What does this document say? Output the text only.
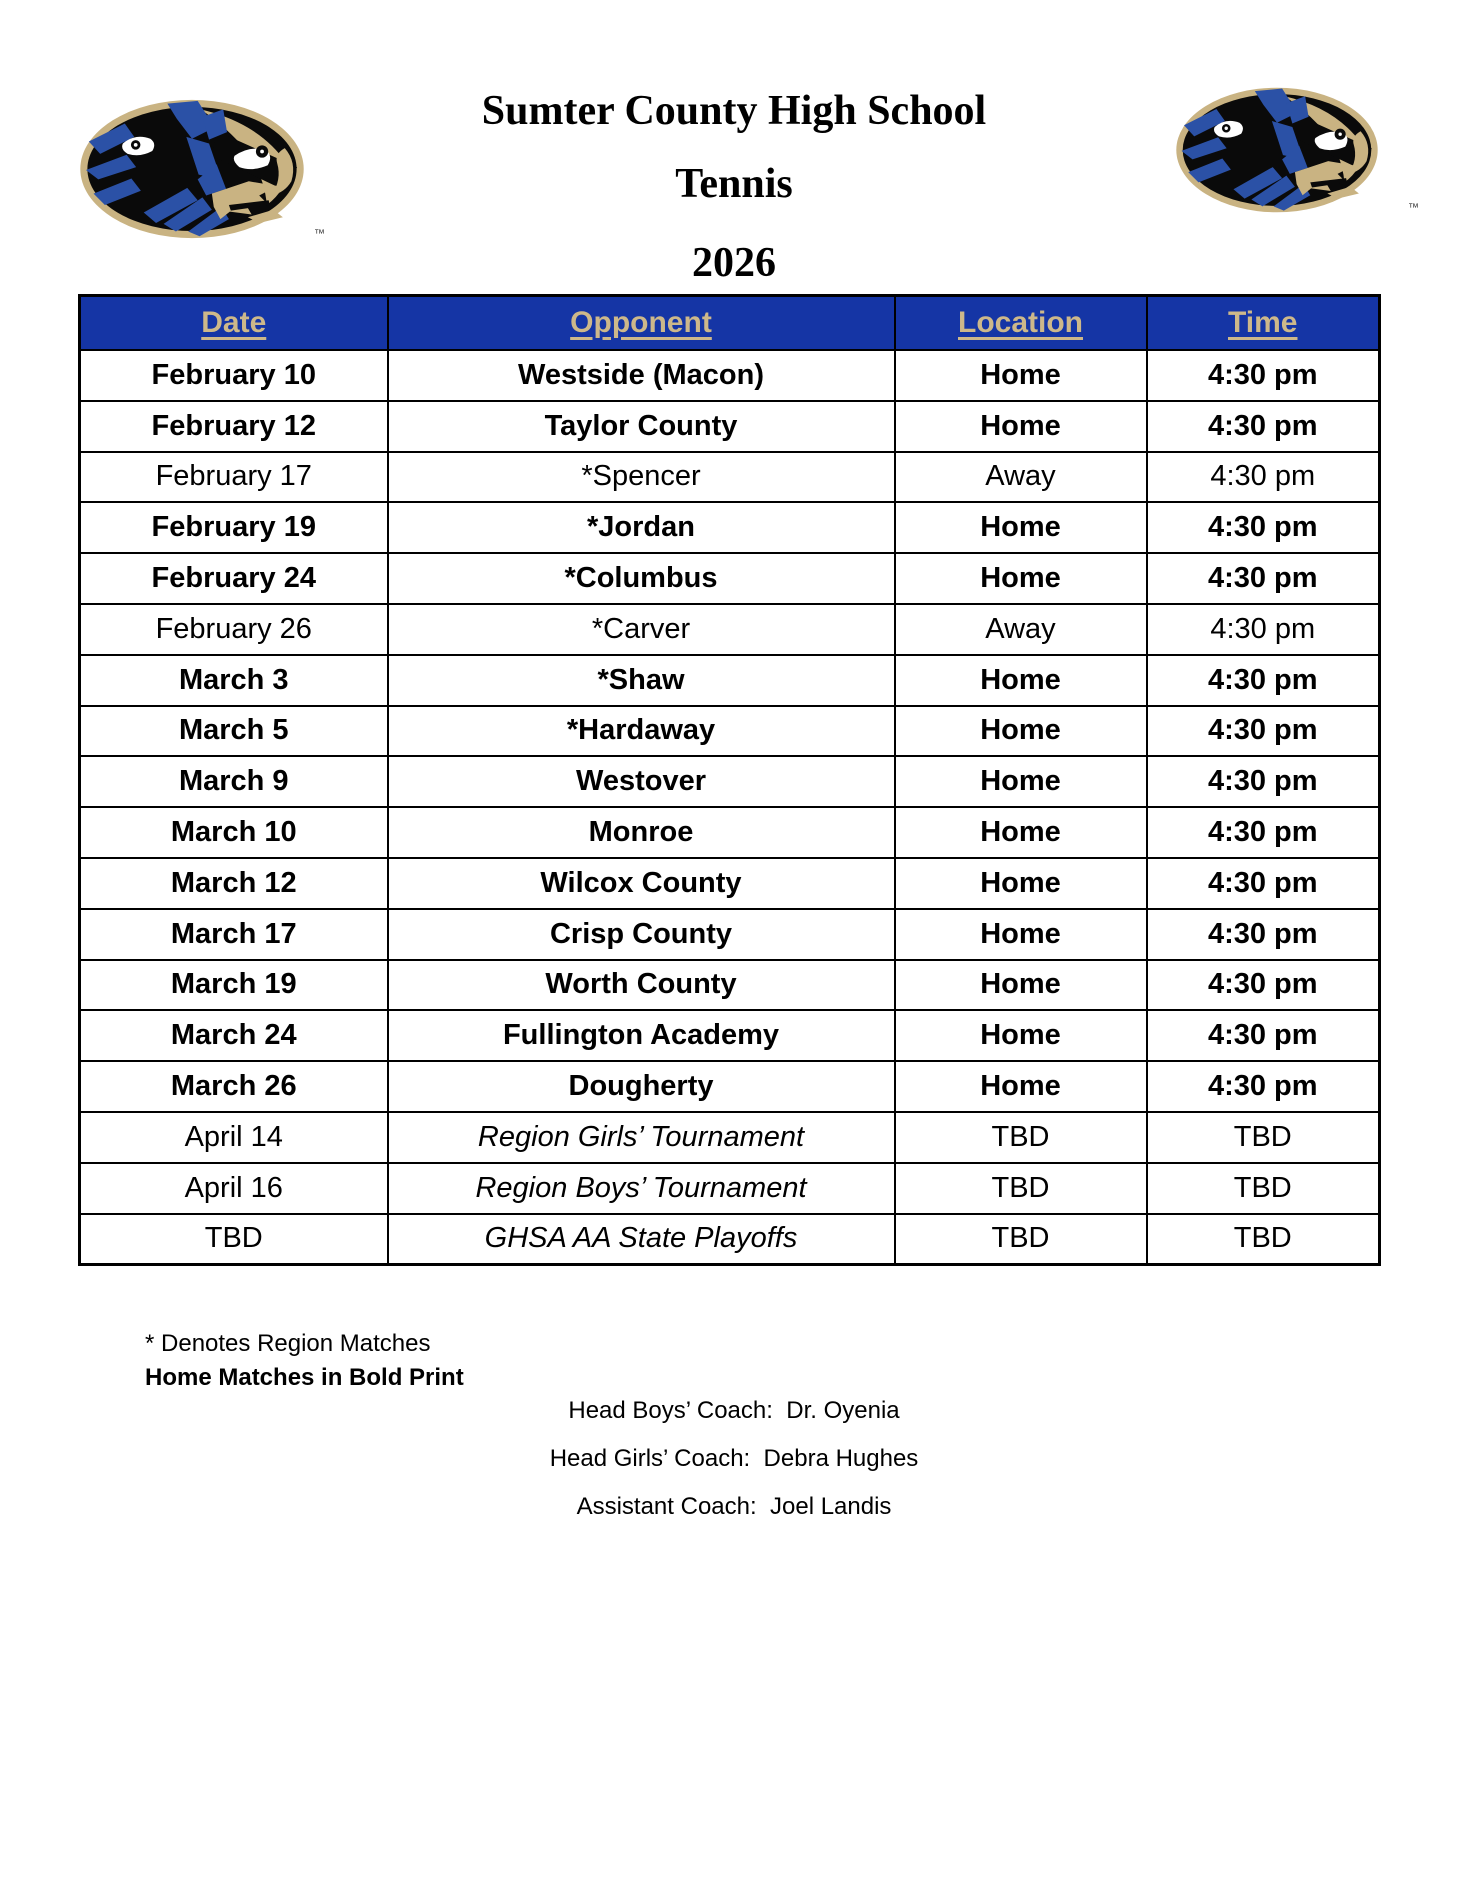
™
™
Sumter County High School
Tennis
2026
Date	Opponent	Location	Time
February 10	Westside (Macon)	Home	4:30 pm
February 12	Taylor County	Home	4:30 pm
February 17	*Spencer	Away	4:30 pm
February 19	*Jordan	Home	4:30 pm
February 24	*Columbus	Home	4:30 pm
February 26	*Carver	Away	4:30 pm
March 3	*Shaw	Home	4:30 pm
March 5	*Hardaway	Home	4:30 pm
March 9	Westover	Home	4:30 pm
March 10	Monroe	Home	4:30 pm
March 12	Wilcox County	Home	4:30 pm
March 17	Crisp County	Home	4:30 pm
March 19	Worth County	Home	4:30 pm
March 24	Fullington Academy	Home	4:30 pm
March 26	Dougherty	Home	4:30 pm
April 14	Region Girls’ Tournament	TBD	TBD
April 16	Region Boys’ Tournament	TBD	TBD
TBD	GHSA AA State Playoffs	TBD	TBD
* Denotes Region Matches
Home Matches in Bold Print

Head Boys’ Coach:  Dr. Oyenia

Head Girls’ Coach:  Debra Hughes

Assistant Coach:  Joel Landis
